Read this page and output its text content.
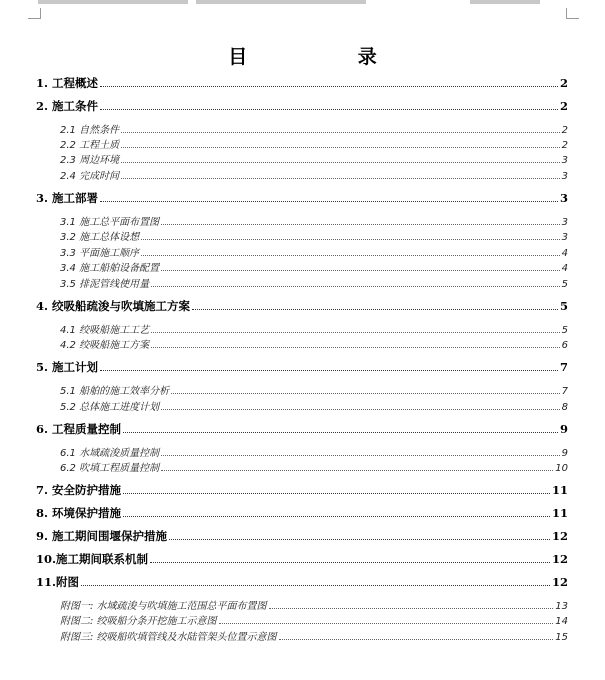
目 录
1. 工程概述	2
2. 施工条件	2
2.1 自然条件	2
2.2 工程土质	2
2.3 周边环境	3
2.4 完成时间	3
3. 施工部署	3
3.1 施工总平面布置图	3
3.2 施工总体设想	3
3.3 平面施工顺序	4
3.4 施工船舶设备配置	4
3.5 排泥管线使用量	5
4. 绞吸船疏浚与吹填施工方案	5
4.1 绞吸船施工工艺	5
4.2 绞吸船施工方案	6
5. 施工计划	7
5.1 船舶的施工效率分析	7
5.2 总体施工进度计划	8
6. 工程质量控制	9
6.1 水域疏浚质量控制	9
6.2 吹填工程质量控制	10
7. 安全防护措施	11
8. 环境保护措施	11
9. 施工期间围堰保护措施	12
10.施工期间联系机制	12
11.附图	12
附图一: 水域疏浚与吹填施工范围总平面布置图	13
附图二: 绞吸船分条开挖施工示意图	14
附图三: 绞吸船吹填管线及水陆管架头位置示意图	15
